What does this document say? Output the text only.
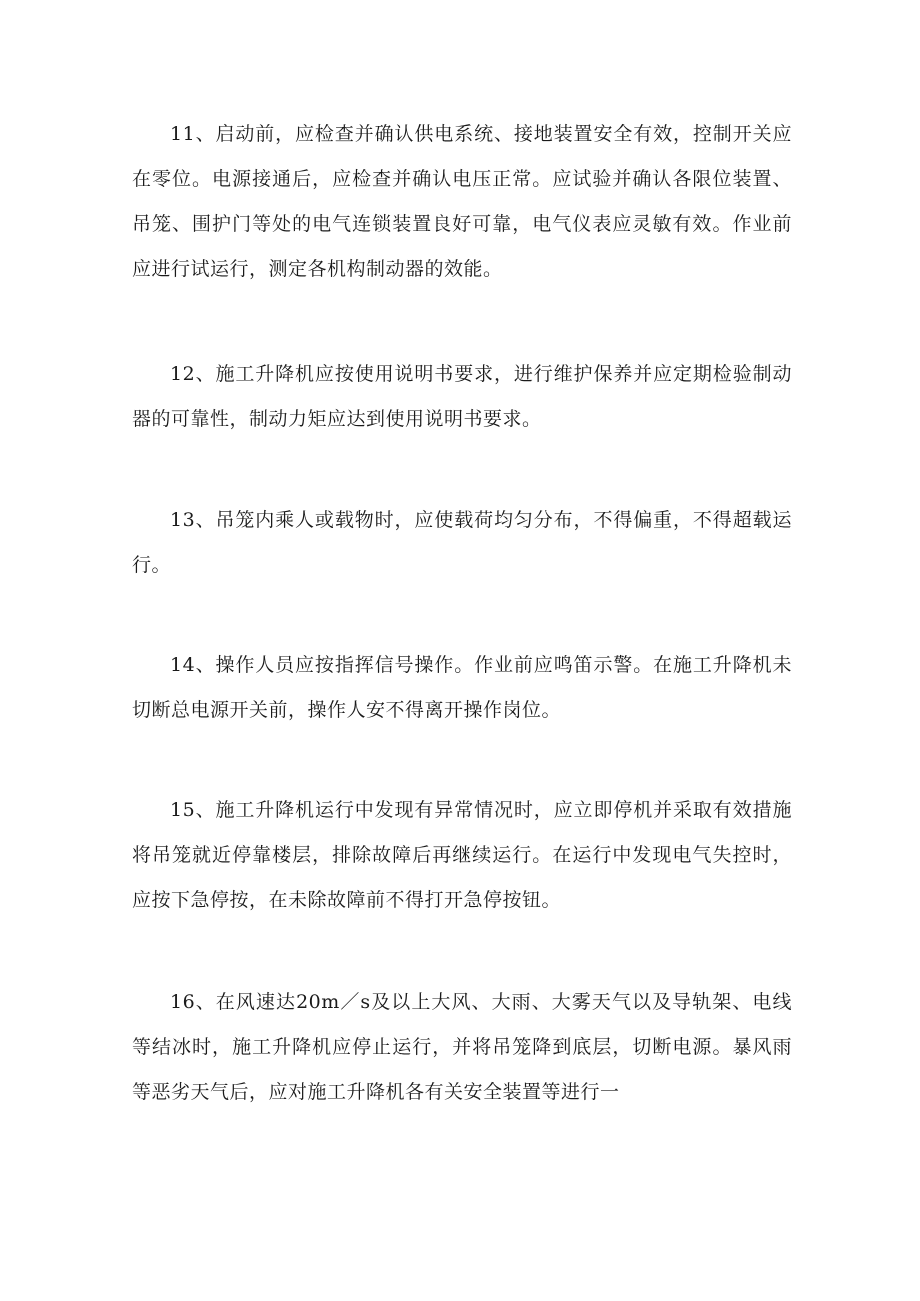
11、启动前，应检查并确认供电系统、接地装置安全有效，控制开关应在零位。电源接通后，应检查并确认电压正常。应试验并确认各限位装置、吊笼、围护门等处的电气连锁装置良好可靠，电气仪表应灵敏有效。作业前应进行试运行，测定各机构制动器的效能。

12、施工升降机应按使用说明书要求，进行维护保养并应定期检验制动器的可靠性，制动力矩应达到使用说明书要求。

13、吊笼内乘人或载物时，应使载荷均匀分布，不得偏重，不得超载运行。

14、操作人员应按指挥信号操作。作业前应鸣笛示警。在施工升降机未切断总电源开关前，操作人安不得离开操作岗位。

15、施工升降机运行中发现有异常情况时，应立即停机并采取有效措施将吊笼就近停靠楼层，排除故障后再继续运行。在运行中发现电气失控时，应按下急停按，在未除故障前不得打开急停按钮。

16、在风速达20m／s及以上大风、大雨、大雾天气以及导轨架、电线等结冰时，施工升降机应停止运行，并将吊笼降到底层，切断电源。暴风雨等恶劣天气后，应对施工升降机各有关安全装置等进行一
